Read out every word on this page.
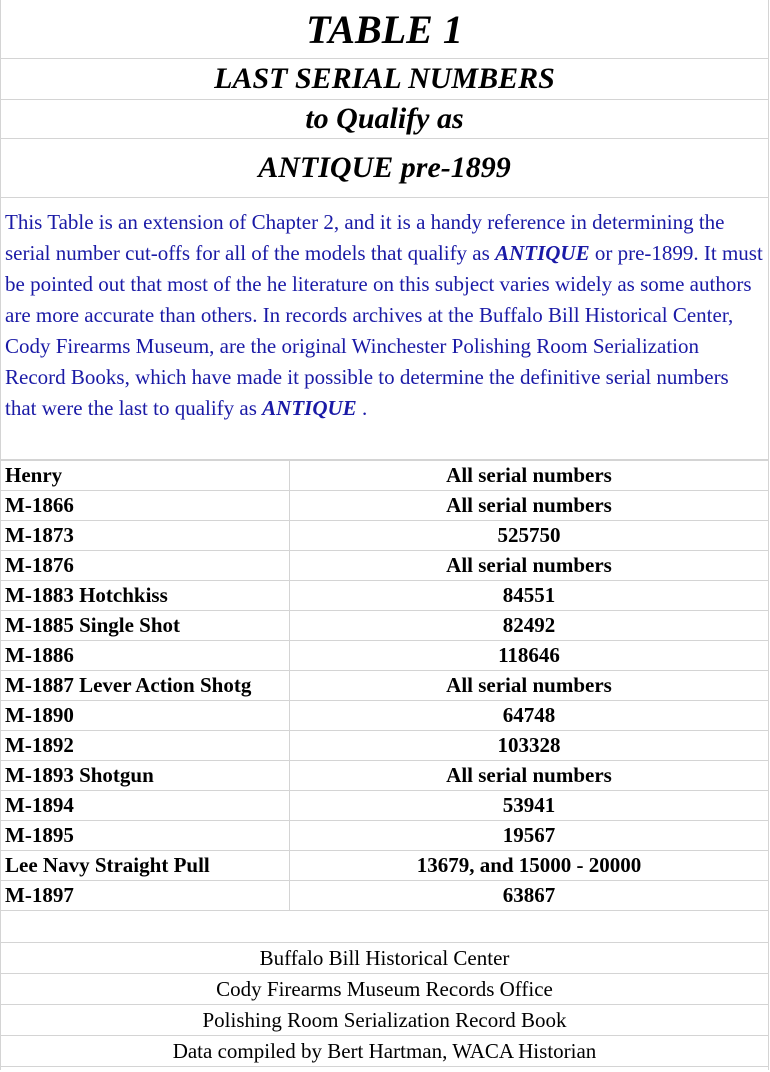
TABLE 1
LAST SERIAL NUMBERS
to Qualify as
ANTIQUE pre-1899
This Table is an extension of Chapter 2, and it is a handy reference in determining the serial number cut-offs for all of the models that qualify as ANTIQUE or pre-1899. It must be pointed out that most of the he literature on this subject varies widely as some authors are more accurate than others. In records archives at the Buffalo Bill Historical Center, Cody Firearms Museum, are the original Winchester Polishing Room Serialization Record Books, which have made it possible to determine the definitive serial numbers that were the last to qualify as ANTIQUE .
Henry	All serial numbers
M-1866	All serial numbers
M-1873	525750
M-1876	All serial numbers
M-1883 Hotchkiss	84551
M-1885 Single Shot	82492
M-1886	118646
M-1887 Lever Action Shotg	All serial numbers
M-1890	64748
M-1892	103328
M-1893 Shotgun	All serial numbers
M-1894	53941
M-1895	19567
Lee Navy Straight Pull	13679, and 15000 - 20000
M-1897	63867
Buffalo Bill Historical Center
Cody Firearms Museum Records Office
Polishing Room Serialization Record Book
Data compiled by Bert Hartman, WACA Historian
